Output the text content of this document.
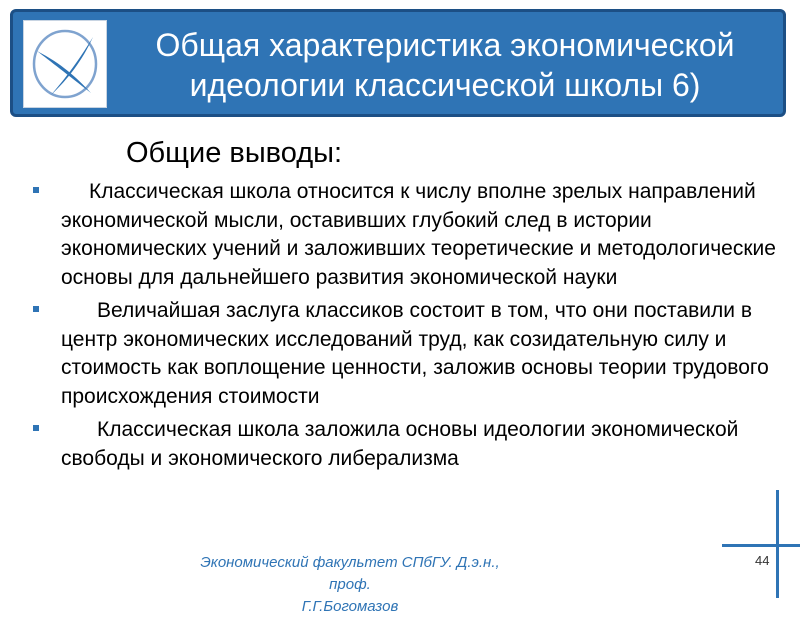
Общая характеристика экономической
идеологии классической школы 6)
Общие выводы:
Классическая школа относится к числу вполне зрелых направлений экономической мысли, оставивших глубокий след в истории экономических учений и заложивших теоретические и методологические основы для дальнейшего развития экономической науки
Величайшая заслуга классиков состоит в том, что они поставили в центр экономических исследований труд, как созидательную силу и стоимость как воплощение ценности, заложив основы теории трудового происхождения стоимости
Классическая школа заложила основы идеологии экономической свободы и экономического либерализма
Экономический факультет СПбГУ. Д.э.н., проф.
Г.Г.Богомазов
44
